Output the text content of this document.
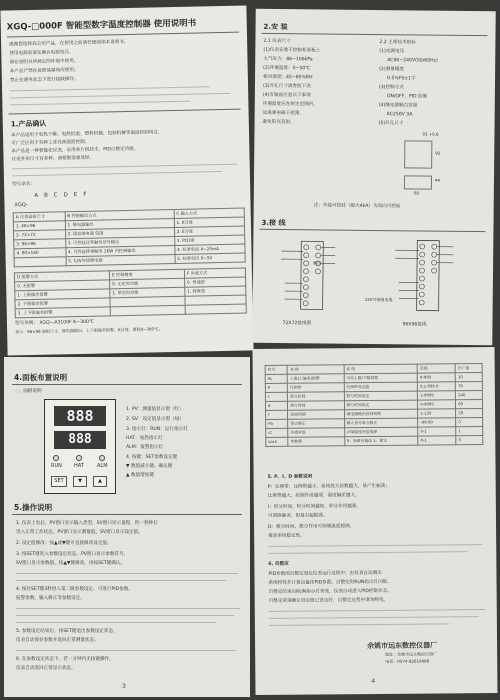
XGQ-□000F 智能型数字温度控制器 使用说明书
感谢您选择我公司产品，在使用之前请仔细阅读本说明书。
使用电源前请先确认电源电压。
请在说明书所规定的环境中使用。
本产品严禁在易燃易爆场所使用。
禁止在通电状态下进行接线操作。
1.产品确认
本产品适用于电热干燥、电热恒温、塑料机械、包装机械等温度控制场合，
可广泛应用于各种工业设备温度控制。
本产品是一种智能化仪表，采用单片机技术，PID自整定功能。
仪表外形尺寸有多种，请根据需要选择。
型号命名：
ABCDEF
XGQ-
A 仪表面板尺寸	B 控制输出方式	C 输入方式
1. 48×96	1. 继电器输出	1. K分度
2. 72×72	2. 固态继电器 SSR	2. E分度
3. 96×96	3. 可控硅过零触发信号输出	3. Pt100
4. 80×160	4. 可控硅移相触发 2KW 内控制输出	4. 标准电流 4~20mA
	5. 12V外接继电器	5. 标准电压 0~5V
D 报警方式	E 控制精度	F 外观方式
0. 无报警	0. 无定时功能	0. 普通型
1. 上限偏差报警	1. 带定时功能	1. 特殊型
2. 下限偏差报警		
3. 上下限偏差报警		
型号举例： XGQ—A3100F K~300℃
表示：96×96 面板尺寸，继电器输出，上下限偏差报警，K分度，量程0~300℃。
2.安 装
2.1 仪表尺寸	2.2 主要技术指标
(1)仪表安装于控制柜面板上
大气压力：86~106kPa
(2)环境温度：0~50℃
相对湿度：45~85%RH
(3)开孔尺寸请参照下表
(4)安装前注意以下事项
环境温度应在规定范围内，
远离强电磁干扰源，
避免阳光直射。
(1)电源电压
AC90~240V(50/60Hz)
(2)测量精度
0.5%FS±1字
(3)控制方式
ON/OFF、PID 控制
(4)继电器触点容量
AC250V 3A
(5)开孔尺寸
92 +0.8
92
44
68
注：外接可控硅（最大4kA）为双向可控硅
3.接 线
输出
72X72接线图
12V外接继电器
96X96接线
4.面板布置说明
一、面板说明
888
888
RUN HAT	ALM
SET	▼	▲
1. PV：测量值显示窗（红）
2. SV：设定值显示窗（绿）
3. 指示灯：RUN：运行指示灯
HAT：加热指示灯
ALM：报警指示灯
4. 按键：SET参数设定键
▼ 数值减小键、确认键
▲ 数值增加键
5.操作说明
1. 仪表上电后，PV窗口显示输入类型，SV窗口显示量程，约一秒钟后
进入正常工作状态，PV窗口显示测量值，SV窗口显示设定值。
2. 设定值修改：按▲或▼键可直接修改设定值。
3. 按SET键进入参数设定状态，PV窗口显示参数符号，
SV窗口显示参数值，按▲▼键修改，再按SET键确认。
4. 按住SET键3秒进入第二级参数设定，可进行PID参数、
报警参数、输入修正等参数设定。
5. 参数设定结束后，按SET键退出参数设定状态，
仪表自动保存参数并返回正常测量状态。
6. 在参数设定状态下，若一分钟内无按键操作，
仪表自动返回正常显示状态。
3
符号	名 称	说 明	范围	出厂值
AL	上限(上偏差)报警	可设上限/下限报警	0-999	10
P	比例带	比例带设定值	0.1-999.9	30
I	积分时间	积分时间设定	1-9999	240
d	微分时间	微分时间设定	0-9999	60
t	控制周期	继电器输出控制周期	1-120	20
Pb	零点修正	输入信号零点修正	-99-99	0
ct	冷端补偿	冷端温度补偿选择	0-1	1
Lock	参数锁	0：参数可修改 1：锁定	0-1	0
5. P、I、D 参数说明
P：比例带，比例带越小，系统放大倍数越大，易产生振荡；
比例带越大，控制作用越弱，温度偏差越大。
I：积分时间，积分时间越短，积分作用越强，
可消除静差，但易引起振荡。
D：微分时间，微分作用可抑制温度超调，
提高系统稳定性。
6. 自整定
PID参数的自整定是在仪表运行过程中，由仪表自动测出
系统特性并计算出最佳PID参数。自整定时RUN指示灯闪烁，
自整定结束后RUN指示灯常亮，仪表自动进入PID控制状态。
自整定前请确认设定值已设定好，自整定过程中请勿断电。
余姚市远东数控仪器厂
地址：余姚市远东数控仪器厂
电话：0574-62619986
4
